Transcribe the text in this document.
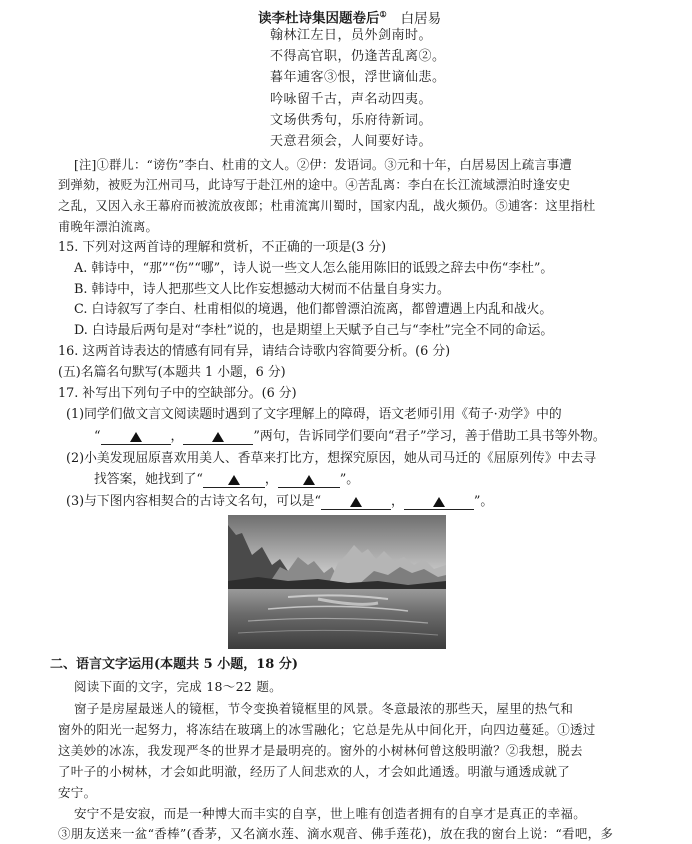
读李杜诗集因题卷后① 白居易
翰林江左日，员外剑南时。
不得高官职，仍逢苦乱离②。
暮年逋客③恨，浮世谪仙悲。
吟咏留千古，声名动四夷。
文场供秀句，乐府待新词。
天意君须会，人间要好诗。
[注]①群儿：“谤伤”李白、杜甫的文人。②伊：发语词。③元和十年，白居易因上疏言事遭
到弹劾，被贬为江州司马，此诗写于赴江州的途中。④苦乱离：李白在长江流域漂泊时逢安史
之乱，又因入永王幕府而被流放夜郎；杜甫流寓川蜀时，国家内乱，战火频仍。⑤逋客：这里指杜
甫晚年漂泊流离。
15. 下列对这两首诗的理解和赏析，不正确的一项是(3 分)
A. 韩诗中，“那”“伤”“哪”，诗人说一些文人怎么能用陈旧的诋毁之辞去中伤“李杜”。
B. 韩诗中，诗人把那些文人比作妄想撼动大树而不估量自身实力。
C. 白诗叙写了李白、杜甫相似的境遇，他们都曾漂泊流离，都曾遭遇上内乱和战火。
D. 白诗最后两句是对“李杜”说的，也是期望上天赋予自己与“李杜”完全不同的命运。
16. 这两首诗表达的情感有同有异，请结合诗歌内容简要分析。(6 分)
(五)名篇名句默写(本题共 1 小题，6 分)
17. 补写出下列句子中的空缺部分。(6 分)
(1)同学们做文言文阅读题时遇到了文字理解上的障碍，语文老师引用《荀子·劝学》中的
“	，	”两句，告诉同学们要向“君子”学习，善于借助工具书等外物。
(2)小美发现屈原喜欢用美人、香草来打比方，想探究原因，她从司马迁的《屈原列传》中去寻
找答案，她找到了“	，	”。
(3)与下图内容相契合的古诗文名句，可以是“	，	”。
二、语言文字运用(本题共 5 小题，18 分)
阅读下面的文字，完成 18～22 题。
窗子是房屋最迷人的镜框，节令变换着镜框里的风景。冬意最浓的那些天，屋里的热气和
窗外的阳光一起努力，将冻结在玻璃上的冰雪融化；它总是先从中间化开，向四边蔓延。①透过
这美妙的冰冻，我发现严冬的世界才是最明亮的。窗外的小树林何曾这般明澈？②我想，脱去
了叶子的小树林，才会如此明澈，经历了人间悲欢的人，才会如此通透。明澈与通透成就了
安宁。
安宁不是安寂，而是一种博大而丰实的自享，世上唯有创造者拥有的自享才是真正的幸福。
③朋友送来一盆“香棒”(香茅，又名滴水莲、滴水观音、佛手莲花)，放在我的窗台上说：“看吧，多
